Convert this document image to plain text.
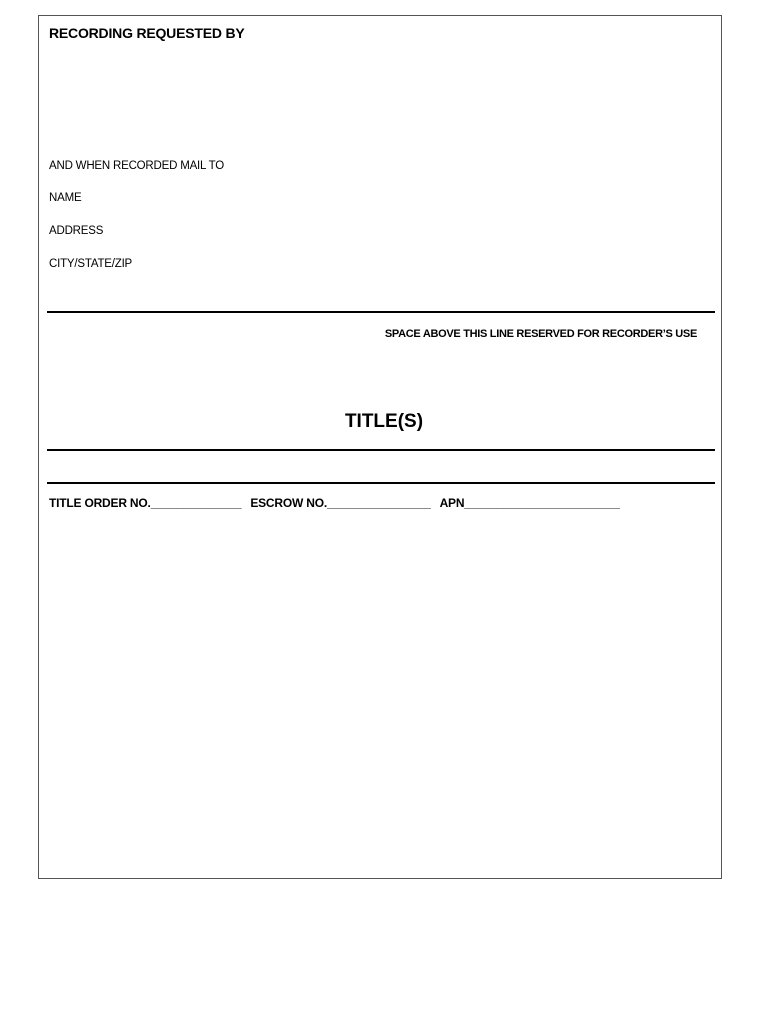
RECORDING REQUESTED BY
AND WHEN RECORDED MAIL TO
NAME
ADDRESS
CITY/STATE/ZIP
SPACE ABOVE THIS LINE RESERVED FOR RECORDER’S USE
TITLE(S)
TITLE ORDER NO.______________ ESCROW NO.________________ APN________________________
